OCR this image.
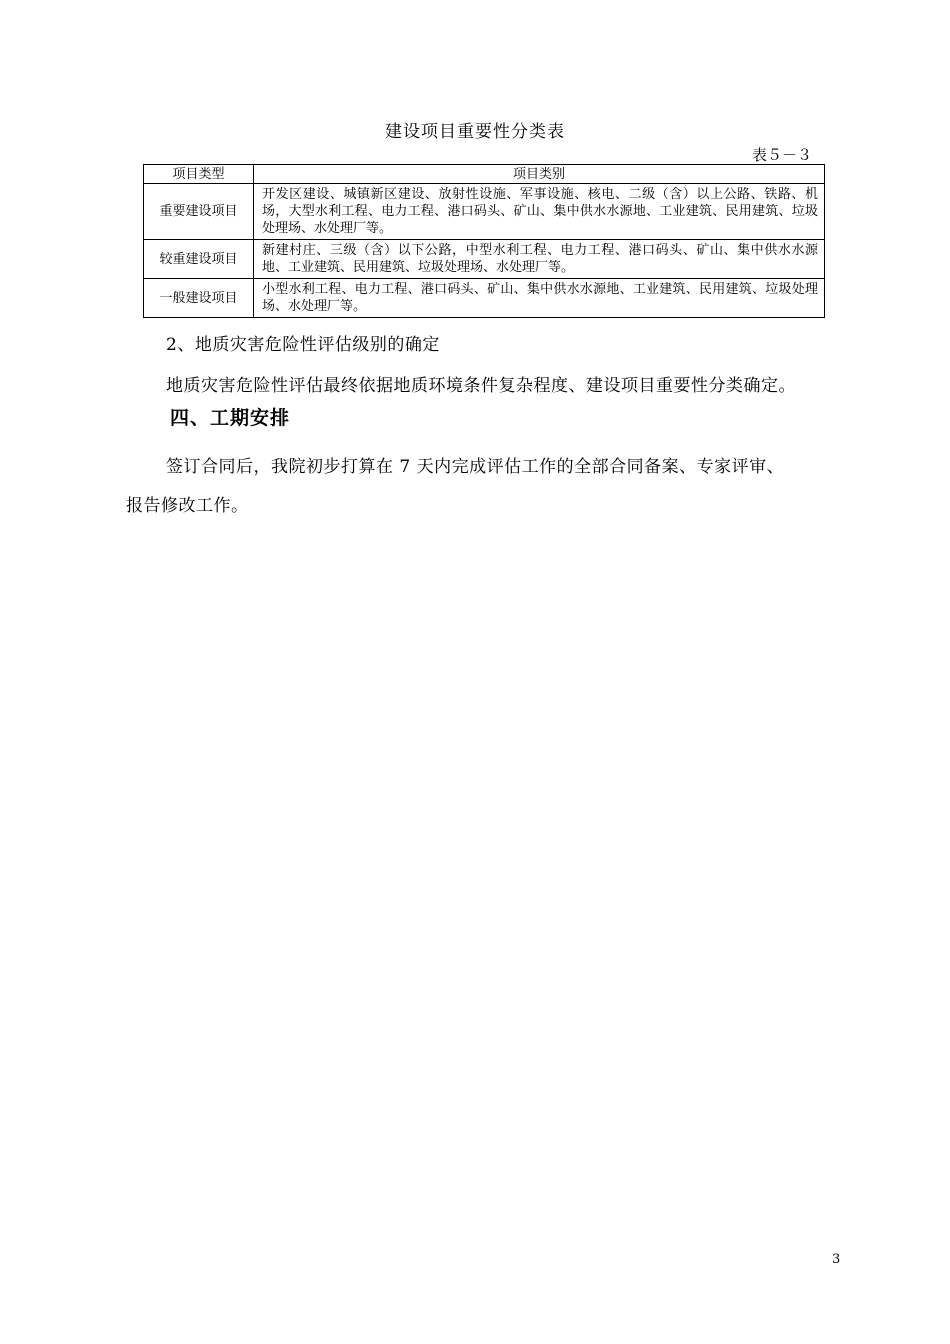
建设项目重要性分类表
表５－３
项目类型	项目类别
重要建设项目	开发区建设、城镇新区建设、放射性设施、军事设施、核电、二级（含）以上公路、铁路、机场，大型水利工程、电力工程、港口码头、矿山、集中供水水源地、工业建筑、民用建筑、垃圾处理场、水处理厂等。
较重建设项目	新建村庄、三级（含）以下公路，中型水利工程、电力工程、港口码头、矿山、集中供水水源地、工业建筑、民用建筑、垃圾处理场、水处理厂等。
一般建设项目	小型水利工程、电力工程、港口码头、矿山、集中供水水源地、工业建筑、民用建筑、垃圾处理场、水处理厂等。
2、地质灾害危险性评估级别的确定
地质灾害危险性评估最终依据地质环境条件复杂程度、建设项目重要性分类确定。
四、工期安排
签订合同后，我院初步打算在 7 天内完成评估工作的全部合同备案、专家评审、
报告修改工作。
3
